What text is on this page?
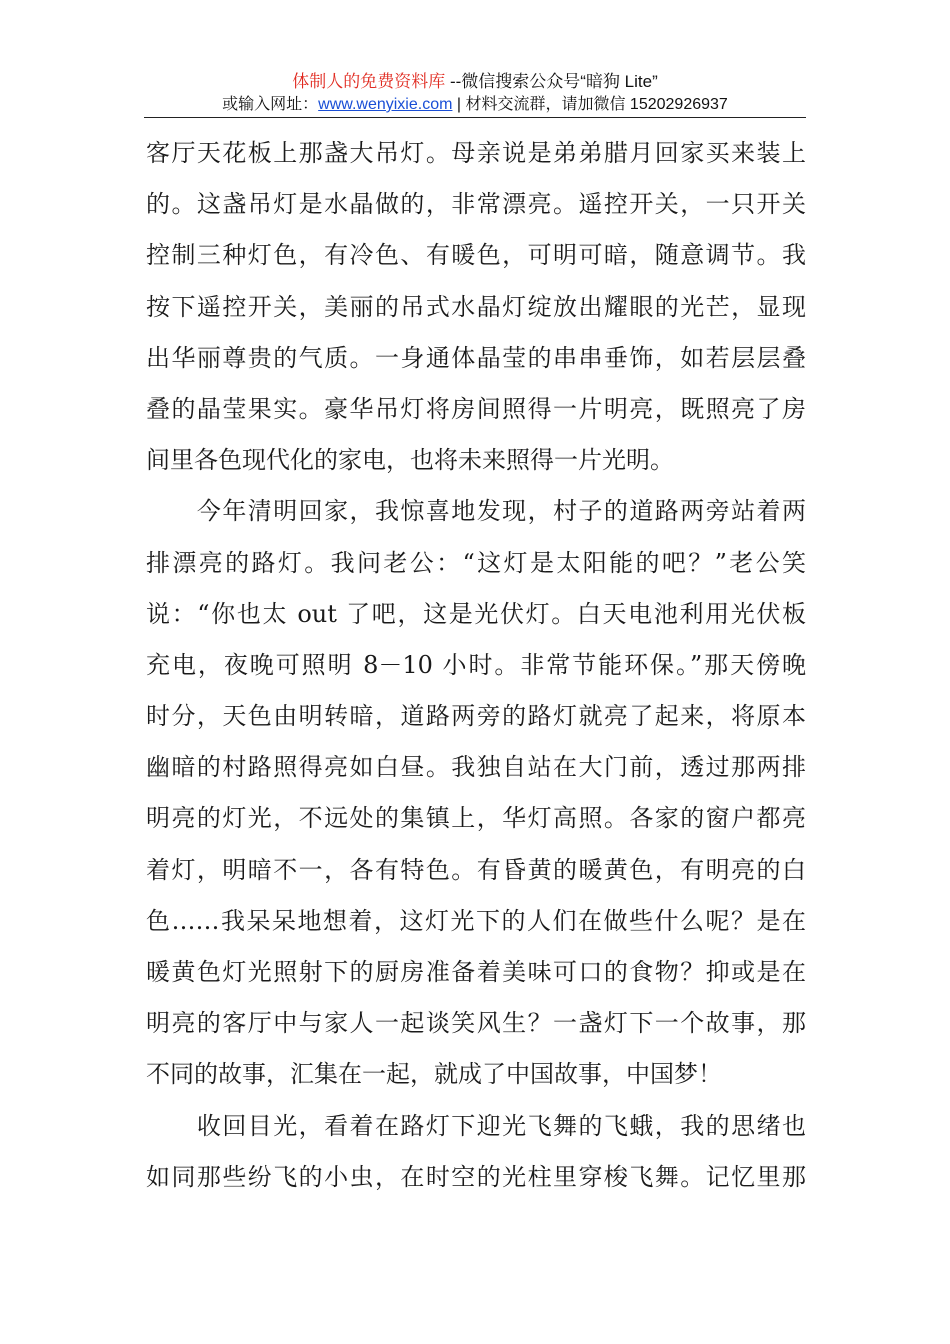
体制人的免费资料库 --微信搜索公众号“暗狗 Lite”
或输入网址：www.wenyixie.com | 材料交流群，请加微信 15202926937
客厅天花板上那盏大吊灯。母亲说是弟弟腊月回家买来装上
的。这盏吊灯是水晶做的，非常漂亮。遥控开关，一只开关
控制三种灯色，有冷色、有暖色，可明可暗，随意调节。我
按下遥控开关，美丽的吊式水晶灯绽放出耀眼的光芒，显现
出华丽尊贵的气质。一身通体晶莹的串串垂饰，如若层层叠
叠的晶莹果实。豪华吊灯将房间照得一片明亮，既照亮了房
间里各色现代化的家电，也将未来照得一片光明。
　　今年清明回家，我惊喜地发现，村子的道路两旁站着两
排漂亮的路灯。我问老公：“这灯是太阳能的吧？”老公笑
说：“你也太 out 了吧，这是光伏灯。白天电池利用光伏板
充电，夜晚可照明 8－10 小时。非常节能环保。”那天傍晚
时分，天色由明转暗，道路两旁的路灯就亮了起来，将原本
幽暗的村路照得亮如白昼。我独自站在大门前，透过那两排
明亮的灯光，不远处的集镇上，华灯高照。各家的窗户都亮
着灯，明暗不一，各有特色。有昏黄的暖黄色，有明亮的白
色……我呆呆地想着，这灯光下的人们在做些什么呢？是在
暖黄色灯光照射下的厨房准备着美味可口的食物？抑或是在
明亮的客厅中与家人一起谈笑风生？一盏灯下一个故事，那
不同的故事，汇集在一起，就成了中国故事，中国梦！
　　收回目光，看着在路灯下迎光飞舞的飞蛾，我的思绪也
如同那些纷飞的小虫，在时空的光柱里穿梭飞舞。记忆里那
